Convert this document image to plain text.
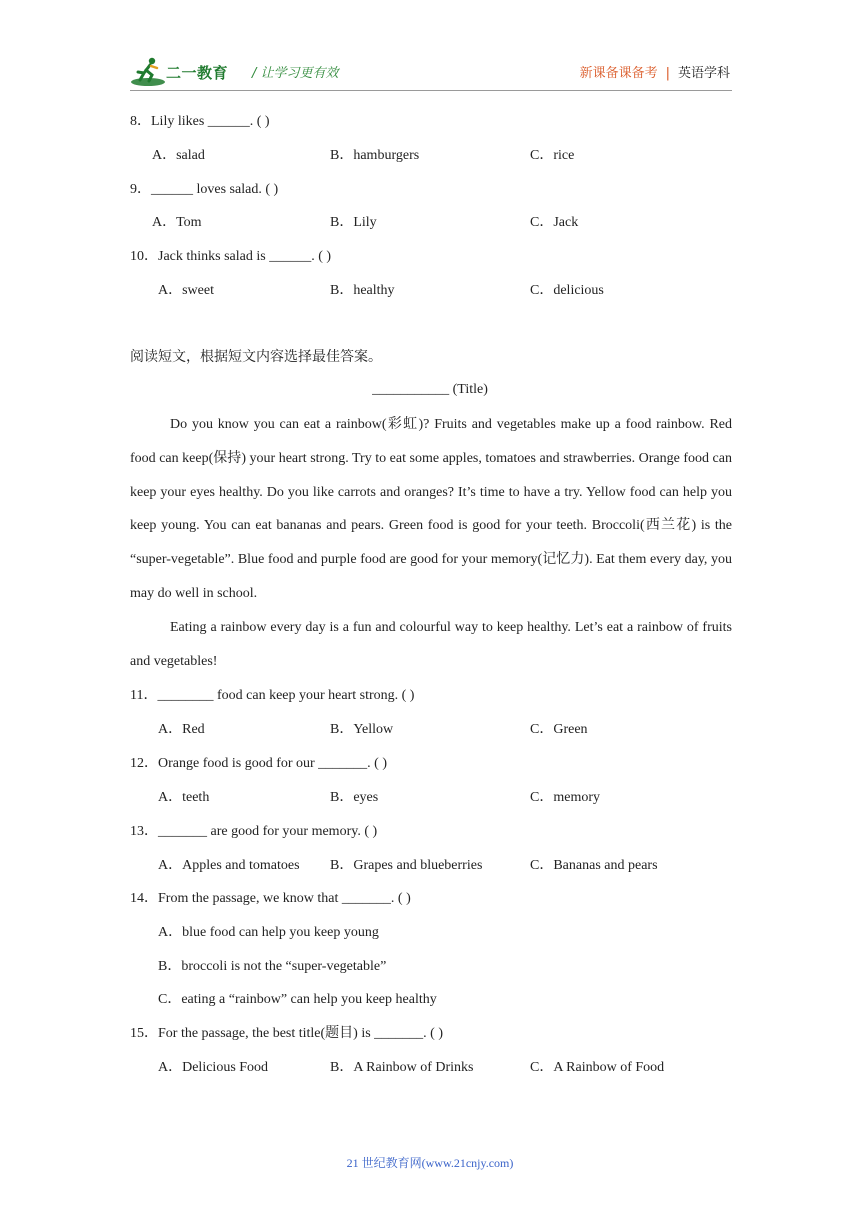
二一教育 / 让学习更有效	新课备课备考 | 英语学科
8．Lily likes ______. ( )
A．salad	B．hamburgers	C．rice
9．______ loves salad. ( )
A．Tom	B．Lily	C．Jack
10．Jack thinks salad is ______. ( )
A．sweet	B．healthy	C．delicious
阅读短文，根据短文内容选择最佳答案。
___________ (Title)
Do you know you can eat a rainbow(彩虹)? Fruits and vegetables make up a food rainbow. Red food can keep(保持) your heart strong. Try to eat some apples, tomatoes and strawberries. Orange food can keep your eyes healthy. Do you like carrots and oranges? It’s time to have a try. Yellow food can help you keep young. You can eat bananas and pears. Green food is good for your teeth. Broccoli(西兰花) is the “super-vegetable”. Blue food and purple food are good for your memory(记忆力). Eat them every day, you may do well in school.
Eating a rainbow every day is a fun and colourful way to keep healthy. Let’s eat a rainbow of fruits and vegetables!
11．________ food can keep your heart strong. ( )
A．Red	B．Yellow	C．Green
12．Orange food is good for our _______. ( )
A．teeth	B．eyes	C．memory
13．_______ are good for your memory. ( )
A．Apples and tomatoes B．Grapes and blueberries	C．Bananas and pears
14．From the passage, we know that _______. ( )
A．blue food can help you keep young
B．broccoli is not the “super-vegetable”
C．eating a “rainbow” can help you keep healthy
15．For the passage, the best title(题目) is _______. ( )
A．Delicious Food	B．A Rainbow of Drinks	C．A Rainbow of Food
21 世纪教育网(www.21cnjy.com)
